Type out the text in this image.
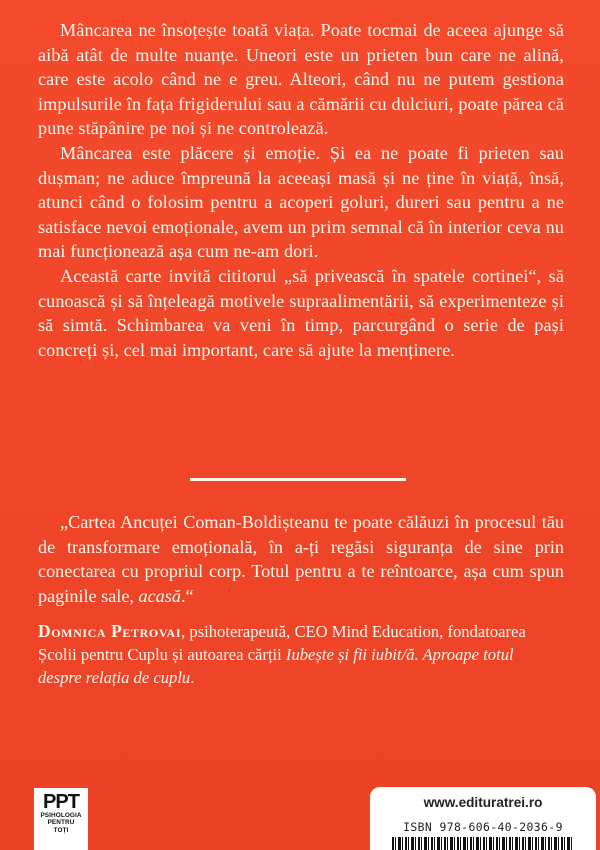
Mâncarea ne însoțește toată viața. Poate tocmai de aceea ajunge să aibă atât de multe nuanțe. Uneori este un prieten bun care ne alină, care este acolo când ne e greu. Alteori, când nu ne putem gestiona impulsurile în fața frigiderului sau a cămării cu dulciuri, poate părea că pune stăpânire pe noi și ne controlează.

Mâncarea este plăcere și emoție. Și ea ne poate fi prieten sau dușman; ne aduce împreună la aceeași masă și ne ține în viață, însă, atunci când o folosim pentru a acoperi goluri, dureri sau pentru a ne satisface nevoi emoționale, avem un prim semnal că în interior ceva nu mai funcționează așa cum ne-am dori.

Această carte invită cititorul „să privească în spatele cortinei“, să cunoască și să înțeleagă motivele supraalimentării, să experimenteze și să simtă. Schimbarea va veni în timp, parcurgând o serie de pași concreți și, cel mai important, care să ajute la menținere.

„Cartea Ancuței Coman-Boldișteanu te poate călăuzi în procesul tău de transformare emoțională, în a-ți regăsi siguranța de sine prin conectarea cu propriul corp. Totul pentru a te reîntoarce, așa cum spun paginile sale, acasă.“

Domnica Petrovai, psihoterapeută, CEO Mind Education, fondatoarea Școlii pentru Cuplu și autoarea cărții Iubește și fii iubit/ă. Aproape totul despre relația de cuplu.

PPT
PSIHOLOGIA
PENTRU
TOȚI
www.edituratrei.ro
ISBN 978-606-40-2036-9
